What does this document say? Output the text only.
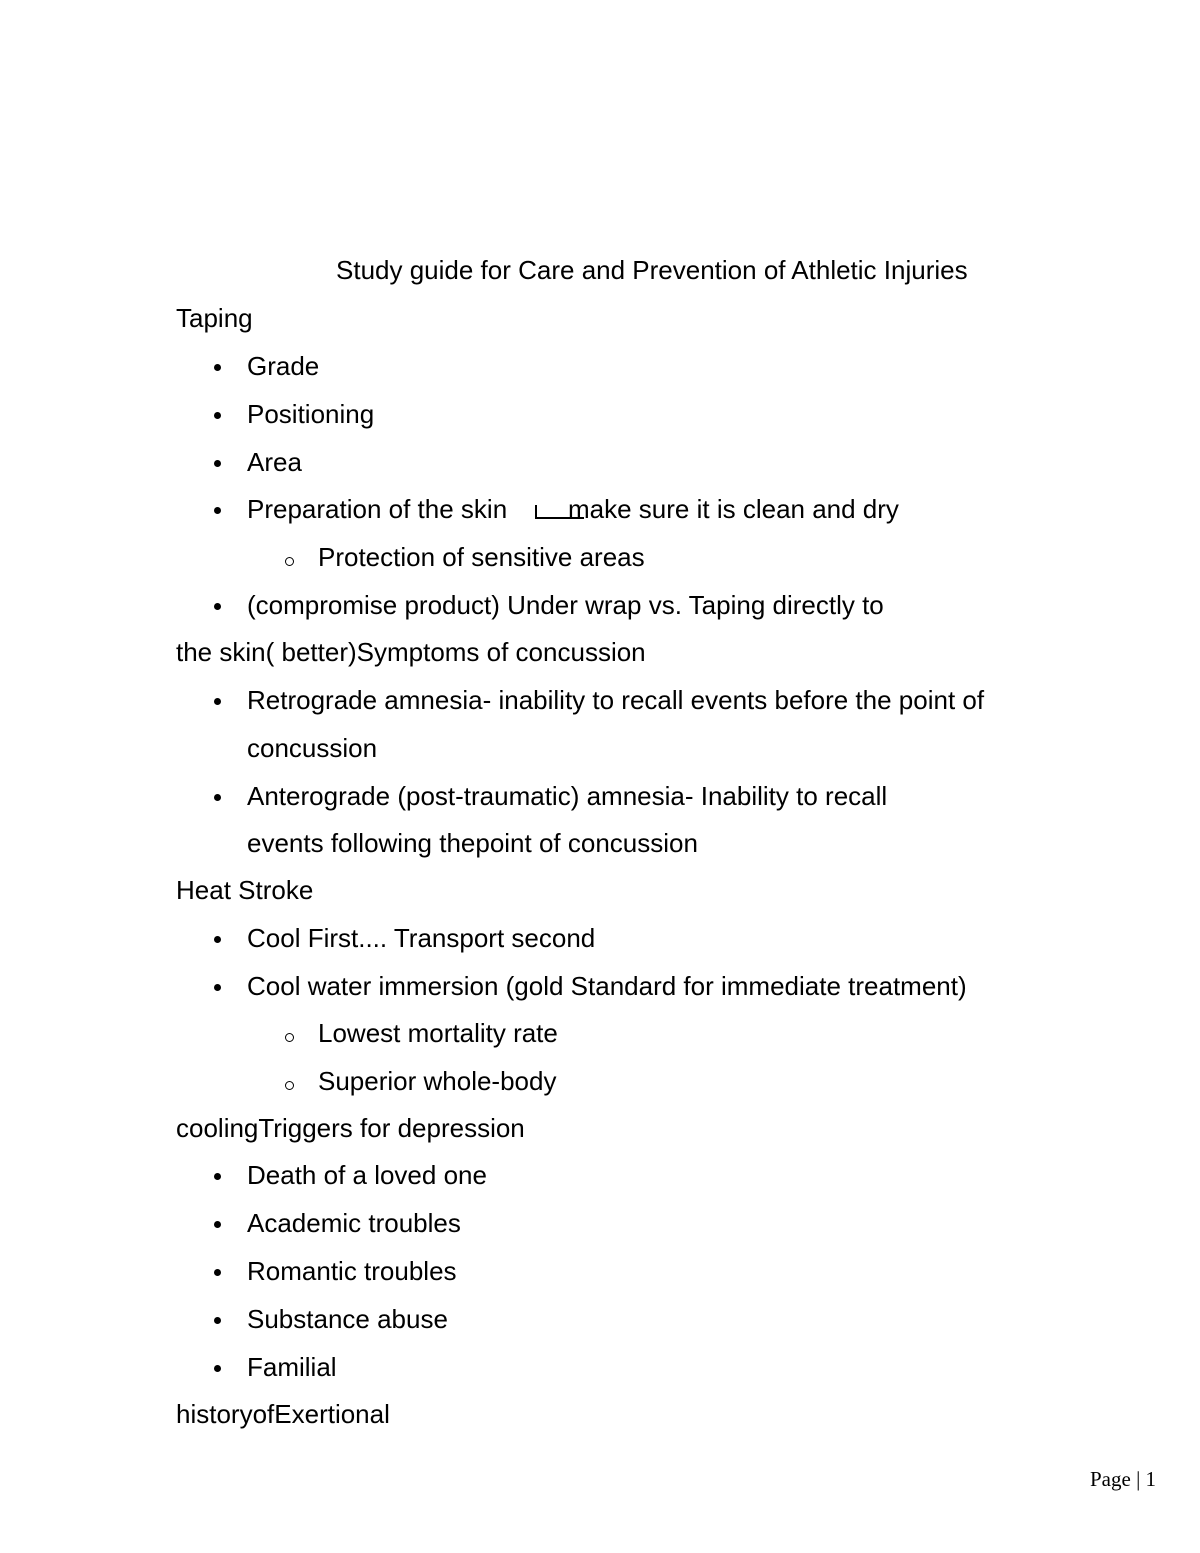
Study guide for Care and Prevention of Athletic Injuries
Taping
Grade
Positioning
Area
Preparation of the skin make sure it is clean and dry
Protection of sensitive areas
(compromise product) Under wrap vs. Taping directly to
the skin( better)Symptoms of concussion
Retrograde amnesia- inability to recall events before the point of
concussion
Anterograde (post-traumatic) amnesia- Inability to recall
events following thepoint of concussion
Heat Stroke
Cool First.... Transport second
Cool water immersion (gold Standard for immediate treatment)
Lowest mortality rate
Superior whole-body
coolingTriggers for depression
Death of a loved one
Academic troubles
Romantic troubles
Substance abuse
Familial
historyofExertional
Page | 1
